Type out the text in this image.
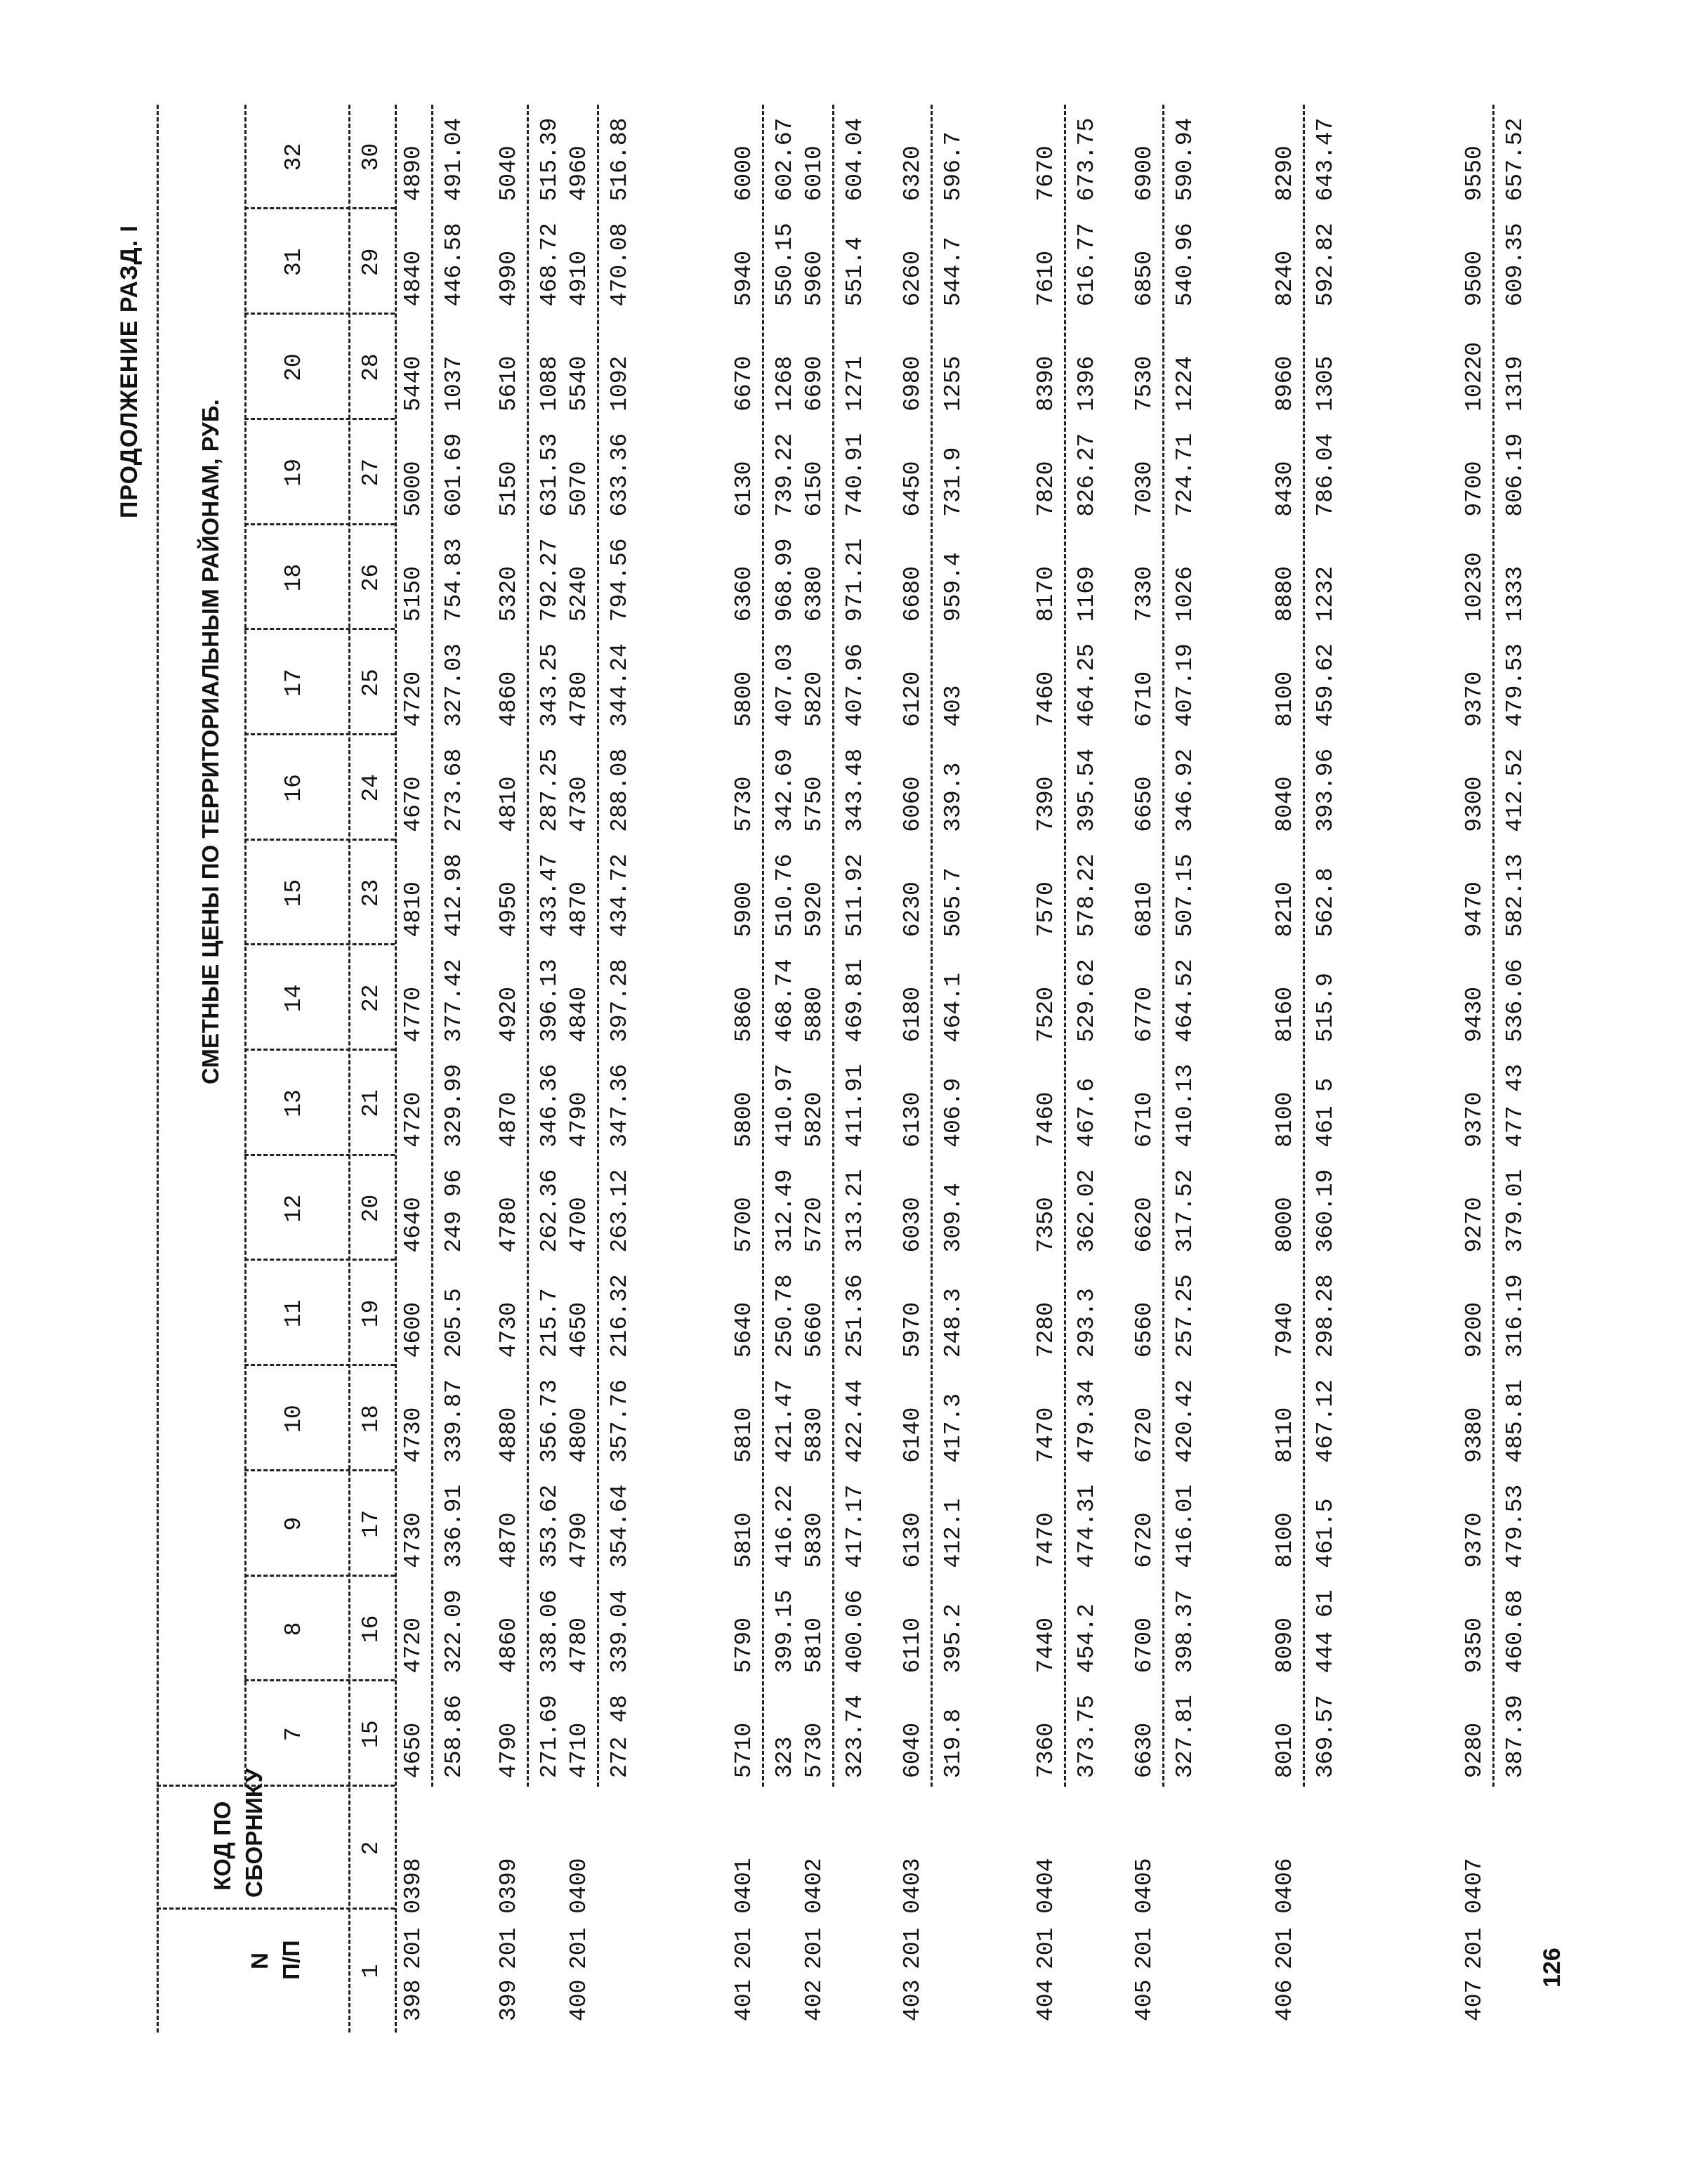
126
ПРОДОЛЖЕНИЕ РАЗД. I
N П/П
КОД ПО СБОРНИКУ
СМЕТНЫЕ ЦЕНЫ ПО ТЕРРИТОРИАЛЬНЫМ РАЙОНАМ, РУБ.
7
8
9
10
11
12
13
14
15
16
17
18
19
20
31
32
1
2
15
16
17
18
19
20
21
22
23
24
25
26
27
28
29
30
398
201 0398
4650
4720
4730
4730
4600
4640
4720
4770
4810
4670
4720
5150
5000
5440
4840
4890
258.86
322.09
336.91
339.87
205.5
249 96
329.99
377.42
412.98
273.68
327.03
754.83
601.69
1037
446.58
491.04
399
201 0399
4790
4860
4870
4880
4730
4780
4870
4920
4950
4810
4860
5320
5150
5610
4990
5040
271.69
338.06
353.62
356.73
215.7
262.36
346.36
396.13
433.47
287.25
343.25
792.27
631.53
1088
468.72
515.39
400
201 0400
4710
4780
4790
4800
4650
4700
4790
4840
4870
4730
4780
5240
5070
5540
4910
4960
272 48
339.04
354.64
357.76
216.32
263.12
347.36
397.28
434.72
288.08
344.24
794.56
633.36
1092
470.08
516.88
401
201 0401
5710
5790
5810
5810
5640
5700
5800
5860
5900
5730
5800
6360
6130
6670
5940
6000
323
399.15
416.22
421.47
250.78
312.49
410.97
468.74
510.76
342.69
407.03
968.99
739.22
1268
550.15
602.67
402
201 0402
5730
5810
5830
5830
5660
5720
5820
5880
5920
5750
5820
6380
6150
6690
5960
6010
323.74
400.06
417.17
422.44
251.36
313.21
411.91
469.81
511.92
343.48
407.96
971.21
740.91
1271
551.4
604.04
403
201 0403
6040
6110
6130
6140
5970
6030
6130
6180
6230
6060
6120
6680
6450
6980
6260
6320
319.8
395.2
412.1
417.3
248.3
309.4
406.9
464.1
505.7
339.3
403
959.4
731.9
1255
544.7
596.7
404
201 0404
7360
7440
7470
7470
7280
7350
7460
7520
7570
7390
7460
8170
7820
8390
7610
7670
373.75
454.2
474.31
479.34
293.3
362.02
467.6
529.62
578.22
395.54
464.25
1169
826.27
1396
616.77
673.75
405
201 0405
6630
6700
6720
6720
6560
6620
6710
6770
6810
6650
6710
7330
7030
7530
6850
6900
327.81
398.37
416.01
420.42
257.25
317.52
410.13
464.52
507.15
346.92
407.19
1026
724.71
1224
540.96
590.94
406
201 0406
8010
8090
8100
8110
7940
8000
8100
8160
8210
8040
8100
8880
8430
8960
8240
8290
369.57
444 61
461.5
467.12
298.28
360.19
461 5
515.9
562.8
393.96
459.62
1232
786.04
1305
592.82
643.47
407
201 0407
9280
9350
9370
9380
9200
9270
9370
9430
9470
9300
9370
10230
9700
10220
9500
9550
387.39
460.68
479.53
485.81
316.19
379.01
477 43
536.06
582.13
412.52
479.53
1333
806.19
1319
609.35
657.52
